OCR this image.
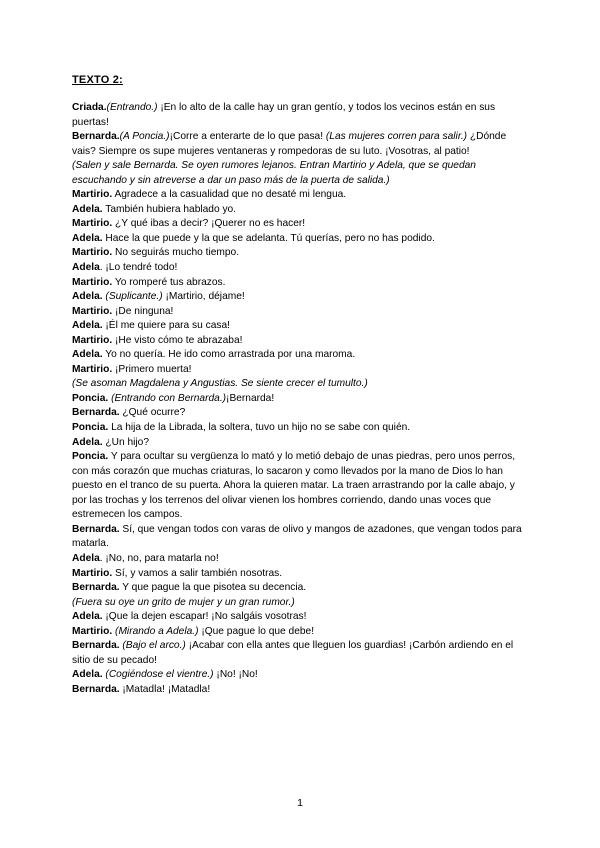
TEXTO 2:

Criada.(Entrando.) ¡En lo alto de la calle hay un gran gentío, y todos los vecinos están en sus puertas!

Bernarda.(A Poncia.)¡Corre a enterarte de lo que pasa! (Las mujeres corren para salir.) ¿Dónde vais? Siempre os supe mujeres ventaneras y rompedoras de su luto. ¡Vosotras, al patio!

(Salen y sale Bernarda. Se oyen rumores lejanos. Entran Martirio y Adela, que se quedan escuchando y sin atreverse a dar un paso más de la puerta de salida.)

Martirio. Agradece a la casualidad que no desaté mi lengua.

Adela. También hubiera hablado yo.

Martirio. ¿Y qué ibas a decir? ¡Querer no es hacer!

Adela. Hace la que puede y la que se adelanta. Tú querías, pero no has podido.

Martirio. No seguirás mucho tiempo.

Adela. ¡Lo tendré todo!

Martirio. Yo romperé tus abrazos.

Adela. (Suplicante.) ¡Martirio, déjame!

Martirio. ¡De ninguna!

Adela. ¡Él me quiere para su casa!

Martirio. ¡He visto cómo te abrazaba!

Adela. Yo no quería. He ido como arrastrada por una maroma.

Martirio. ¡Primero muerta!

(Se asoman Magdalena y Angustias. Se siente crecer el tumulto.)

Poncia. (Entrando con Bernarda.)¡Bernarda!

Bernarda. ¿Qué ocurre?

Poncia. La hija de la Librada, la soltera, tuvo un hijo no se sabe con quién.

Adela. ¿Un hijo?

Poncia. Y para ocultar su vergüenza lo mató y lo metió debajo de unas piedras, pero unos perros, con más corazón que muchas criaturas, lo sacaron y como llevados por la mano de Dios lo han puesto en el tranco de su puerta. Ahora la quieren matar. La traen arrastrando por la calle abajo, y por las trochas y los terrenos del olivar vienen los hombres corriendo, dando unas voces que estremecen los campos.

Bernarda. Sí, que vengan todos con varas de olivo y mangos de azadones, que vengan todos para matarla.

Adela. ¡No, no, para matarla no!

Martirio. Sí, y vamos a salir también nosotras.

Bernarda. Y que pague la que pisotea su decencia.

(Fuera su oye un grito de mujer y un gran rumor.)

Adela. ¡Que la dejen escapar! ¡No salgáis vosotras!

Martirio. (Mirando a Adela.) ¡Que pague lo que debe!

Bernarda. (Bajo el arco.) ¡Acabar con ella antes que lleguen los guardias! ¡Carbón ardiendo en el sitio de su pecado!

Adela. (Cogiéndose el vientre.) ¡No! ¡No!

Bernarda. ¡Matadla! ¡Matadla!

1
